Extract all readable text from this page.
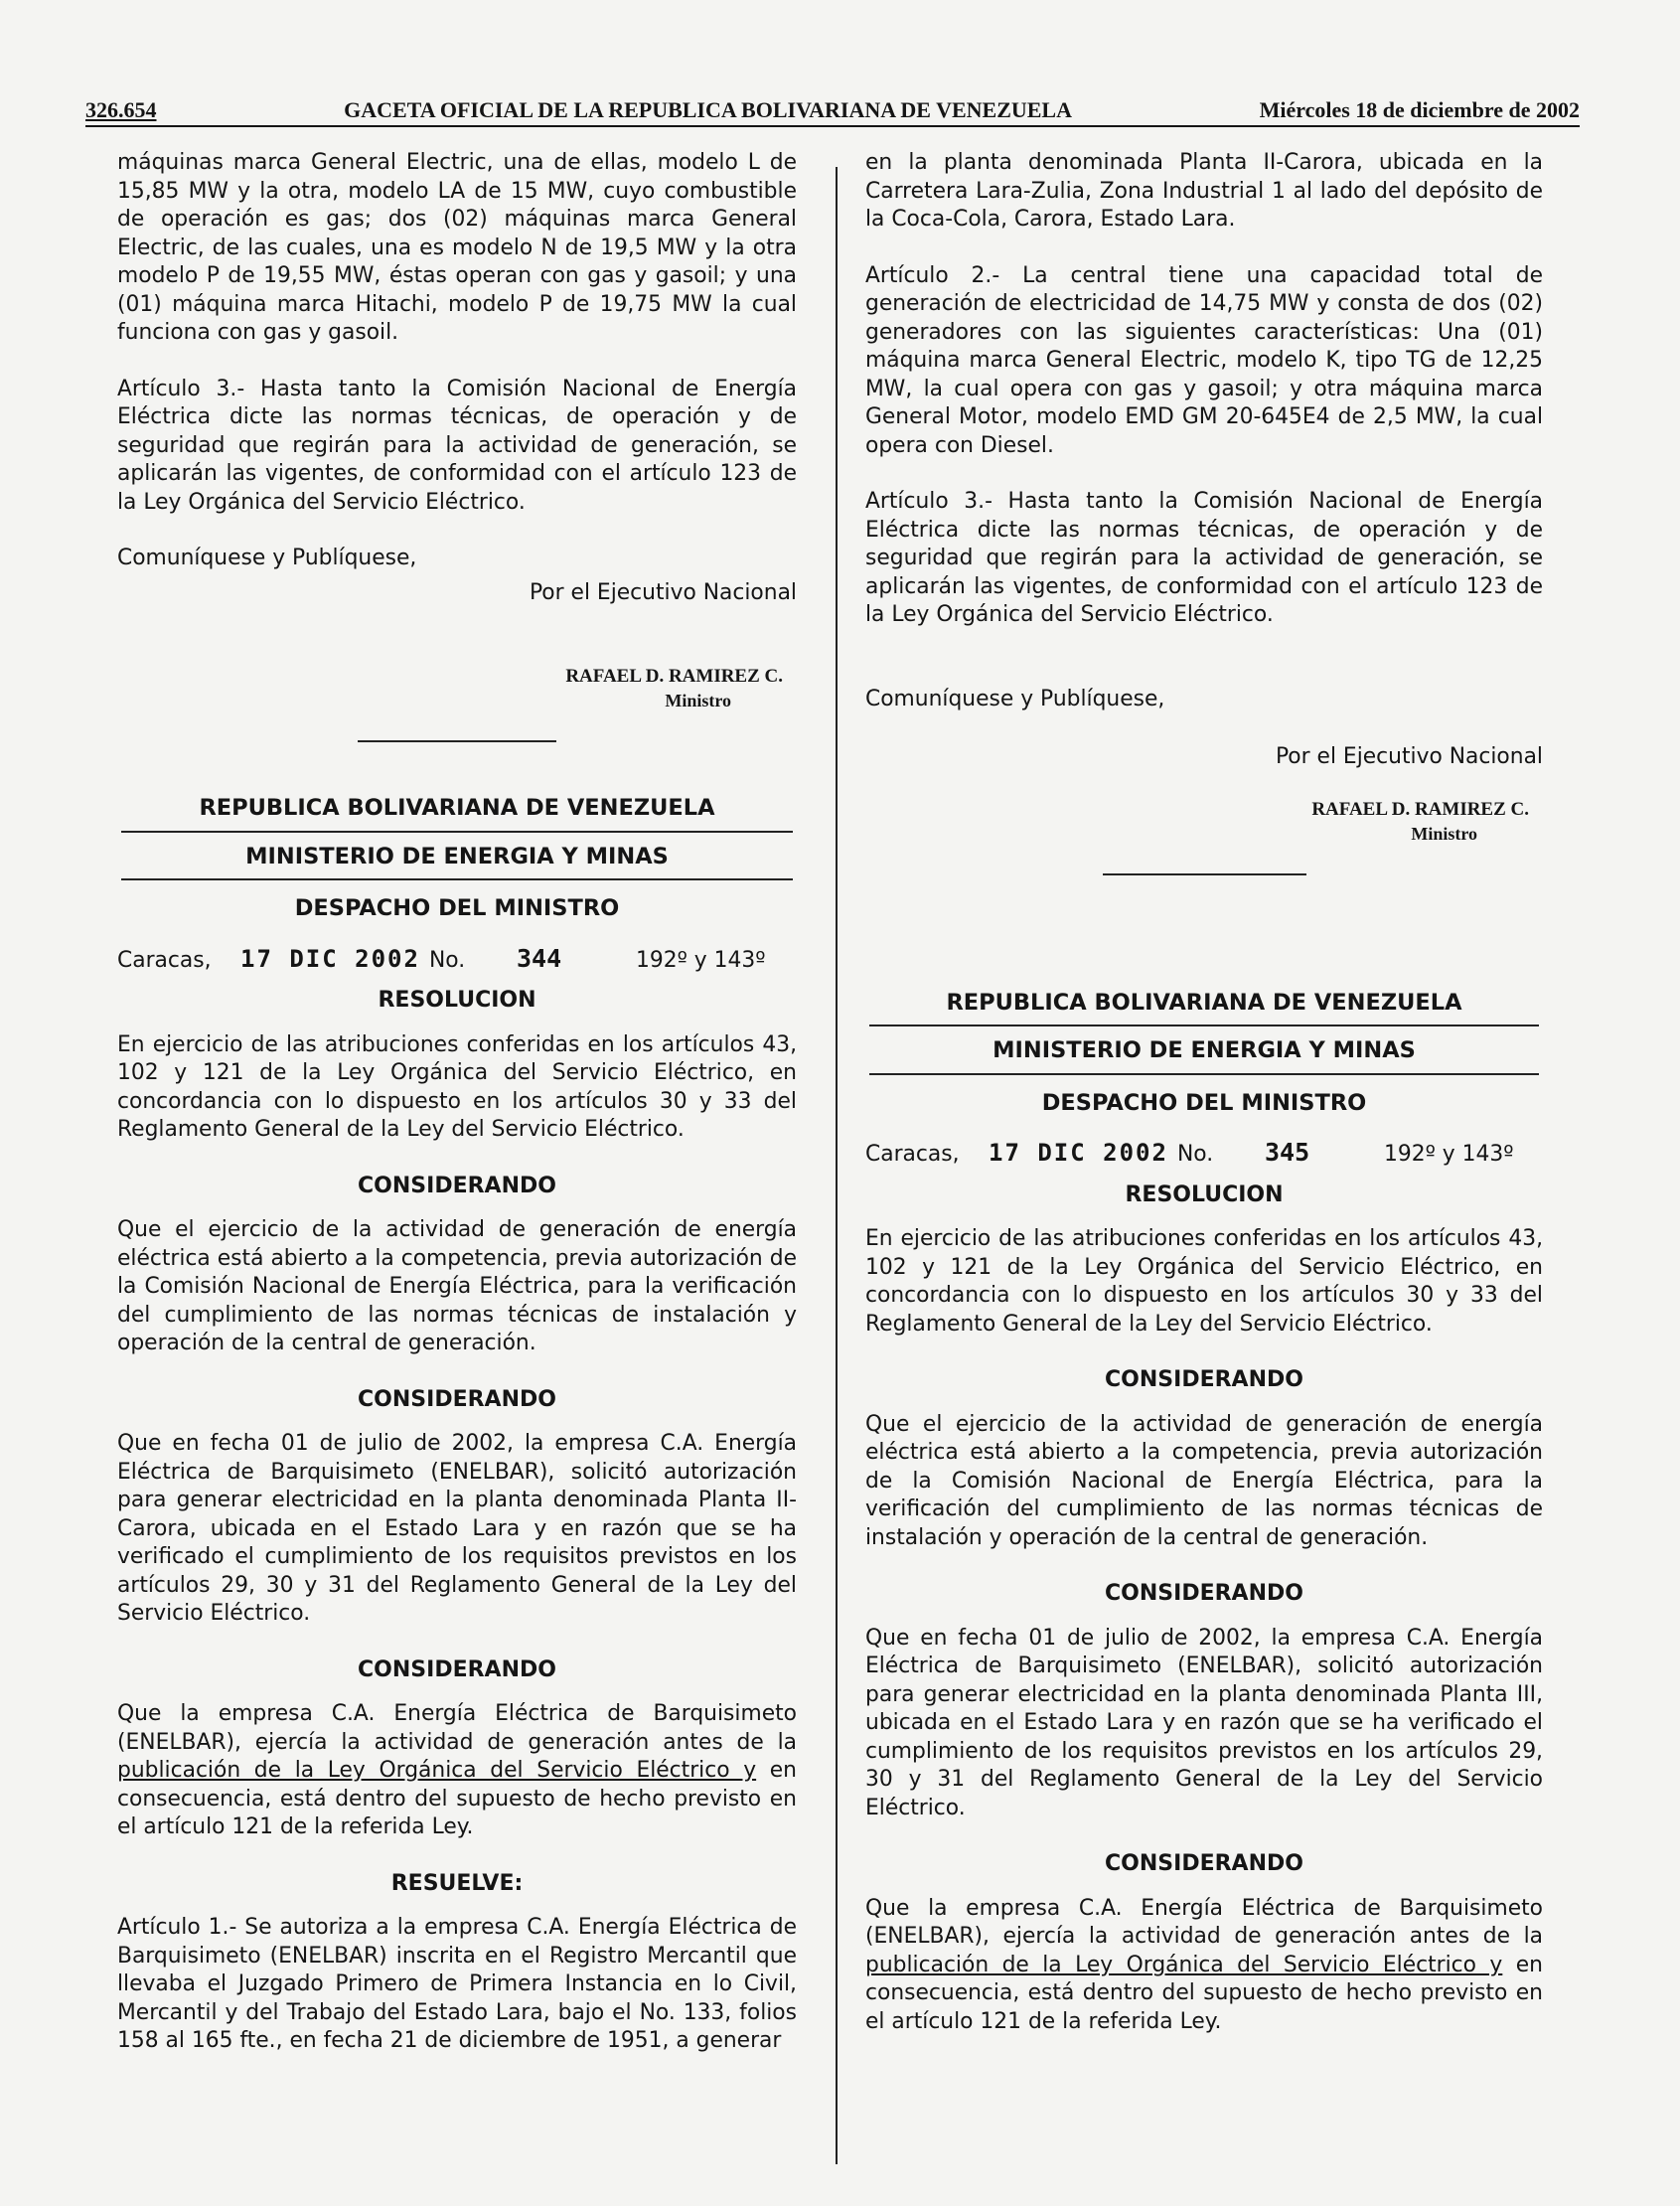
326.654	GACETA OFICIAL DE LA REPUBLICA BOLIVARIANA DE VENEZUELA	Miércoles 18 de diciembre de 2002

máquinas marca General Electric, una de ellas, modelo L de 15,85 MW y la otra, modelo LA de 15 MW, cuyo combustible de operación es gas; dos (02) máquinas marca General Electric, de las cuales, una es modelo N de 19,5 MW y la otra modelo P de 19,55 MW, éstas operan con gas y gasoil; y una (01) máquina marca Hitachi, modelo P de 19,75 MW la cual funciona con gas y gasoil.

Artículo 3.- Hasta tanto la Comisión Nacional de Energía Eléctrica dicte las normas técnicas, de operación y de seguridad que regirán para la actividad de generación, se aplicarán las vigentes, de conformidad con el artículo 123 de la Ley Orgánica del Servicio Eléctrico.

Comuníquese y Publíquese,

Por el Ejecutivo Nacional

RAFAEL D. RAMIREZ C.
Ministro

REPUBLICA BOLIVARIANA DE VENEZUELA

MINISTERIO DE ENERGIA Y MINAS

DESPACHO DEL MINISTRO

Caracas,	17 DIC 2002 No.	344	192º y 143º

RESOLUCION

En ejercicio de las atribuciones conferidas en los artículos 43, 102 y 121 de la Ley Orgánica del Servicio Eléctrico, en concordancia con lo dispuesto en los artículos 30 y 33 del Reglamento General de la Ley del Servicio Eléctrico.

CONSIDERANDO

Que el ejercicio de la actividad de generación de energía eléctrica está abierto a la competencia, previa autorización de la Comisión Nacional de Energía Eléctrica, para la verificación del cumplimiento de las normas técnicas de instalación y operación de la central de generación.

CONSIDERANDO

Que en fecha 01 de julio de 2002, la empresa C.A. Energía Eléctrica de Barquisimeto (ENELBAR), solicitó autorización para generar electricidad en la planta denominada Planta II-Carora, ubicada en el Estado Lara y en razón que se ha verificado el cumplimiento de los requisitos previstos en los artículos 29, 30 y 31 del Reglamento General de la Ley del Servicio Eléctrico.

CONSIDERANDO

Que la empresa C.A. Energía Eléctrica de Barquisimeto (ENELBAR), ejercía la actividad de generación antes de la publicación de la Ley Orgánica del Servicio Eléctrico y en consecuencia, está dentro del supuesto de hecho previsto en el artículo 121 de la referida Ley.

RESUELVE:

Artículo 1.- Se autoriza a la empresa C.A. Energía Eléctrica de Barquisimeto (ENELBAR) inscrita en el Registro Mercantil que llevaba el Juzgado Primero de Primera Instancia en lo Civil, Mercantil y del Trabajo del Estado Lara, bajo el No. 133, folios 158 al 165 fte., en fecha 21 de diciembre de 1951, a generar

en la planta denominada Planta II-Carora, ubicada en la Carretera Lara-Zulia, Zona Industrial 1 al lado del depósito de la Coca-Cola, Carora, Estado Lara.

Artículo 2.- La central tiene una capacidad total de generación de electricidad de 14,75 MW y consta de dos (02) generadores con las siguientes características: Una (01) máquina marca General Electric, modelo K, tipo TG de 12,25 MW, la cual opera con gas y gasoil; y otra máquina marca General Motor, modelo EMD GM 20-645E4 de 2,5 MW, la cual opera con Diesel.

Artículo 3.- Hasta tanto la Comisión Nacional de Energía Eléctrica dicte las normas técnicas, de operación y de seguridad que regirán para la actividad de generación, se aplicarán las vigentes, de conformidad con el artículo 123 de la Ley Orgánica del Servicio Eléctrico.

Comuníquese y Publíquese,

Por el Ejecutivo Nacional

RAFAEL D. RAMIREZ C.
Ministro

REPUBLICA BOLIVARIANA DE VENEZUELA

MINISTERIO DE ENERGIA Y MINAS

DESPACHO DEL MINISTRO

Caracas,	17 DIC 2002 No.	345	192º y 143º

RESOLUCION

En ejercicio de las atribuciones conferidas en los artículos 43, 102 y 121 de la Ley Orgánica del Servicio Eléctrico, en concordancia con lo dispuesto en los artículos 30 y 33 del Reglamento General de la Ley del Servicio Eléctrico.

CONSIDERANDO

Que el ejercicio de la actividad de generación de energía eléctrica está abierto a la competencia, previa autorización de la Comisión Nacional de Energía Eléctrica, para la verificación del cumplimiento de las normas técnicas de instalación y operación de la central de generación.

CONSIDERANDO

Que en fecha 01 de julio de 2002, la empresa C.A. Energía Eléctrica de Barquisimeto (ENELBAR), solicitó autorización para generar electricidad en la planta denominada Planta III, ubicada en el Estado Lara y en razón que se ha verificado el cumplimiento de los requisitos previstos en los artículos 29, 30 y 31 del Reglamento General de la Ley del Servicio Eléctrico.

CONSIDERANDO

Que la empresa C.A. Energía Eléctrica de Barquisimeto (ENELBAR), ejercía la actividad de generación antes de la publicación de la Ley Orgánica del Servicio Eléctrico y en consecuencia, está dentro del supuesto de hecho previsto en el artículo 121 de la referida Ley.
